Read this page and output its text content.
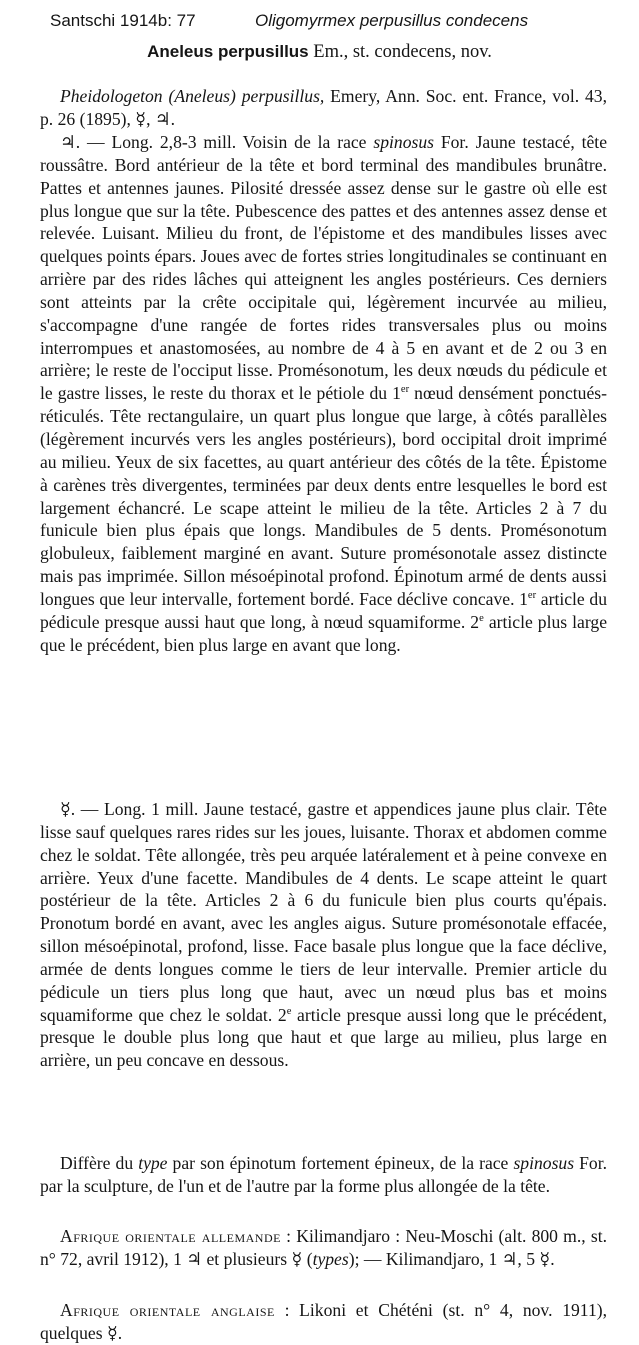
Santschi 1914b: 77	Oligomyrmex perpusillus condecens
Aneleus perpusillus Em., st. condecens, nov.

Pheidologeton (Aneleus) perpusillus, Emery, Ann. Soc. ent. France, vol. 43, p. 26 (1895), ☿, ♃.

♃. — Long. 2,8-3 mill. Voisin de la race spinosus For. Jaune testacé, tête roussâtre. Bord antérieur de la tête et bord terminal des mandibules brunâtre. Pattes et antennes jaunes. Pilosité dressée assez dense sur le gastre où elle est plus longue que sur la tête. Pubescence des pattes et des antennes assez dense et relevée. Luisant. Milieu du front, de l'épistome et des mandibules lisses avec quelques points épars. Joues avec de fortes stries longitudinales se continuant en arrière par des rides lâches qui atteignent les angles postérieurs. Ces derniers sont atteints par la crête occipitale qui, légèrement incurvée au milieu, s'accompagne d'une rangée de fortes rides transversales plus ou moins interrompues et anastomosées, au nombre de 4 à 5 en avant et de 2 ou 3 en arrière; le reste de l'occiput lisse. Promésonotum, les deux nœuds du pédicule et le gastre lisses, le reste du thorax et le pétiole du 1er nœud densément ponctués-réticulés. Tête rectangulaire, un quart plus longue que large, à côtés parallèles (légèrement incurvés vers les angles postérieurs), bord occipital droit imprimé au milieu. Yeux de six facettes, au quart antérieur des côtés de la tête. Épistome à carènes très divergentes, terminées par deux dents entre lesquelles le bord est largement échancré. Le scape atteint le milieu de la tête. Articles 2 à 7 du funicule bien plus épais que longs. Mandibules de 5 dents. Promésonotum globuleux, faiblement marginé en avant. Suture promésonotale assez distincte mais pas imprimée. Sillon mésoépinotal profond. Épinotum armé de dents aussi longues que leur intervalle, fortement bordé. Face déclive concave. 1er article du pédicule presque aussi haut que long, à nœud squamiforme. 2e article plus large que le précédent, bien plus large en avant que long.

☿. — Long. 1 mill. Jaune testacé, gastre et appendices jaune plus clair. Tête lisse sauf quelques rares rides sur les joues, luisante. Thorax et abdomen comme chez le soldat. Tête allongée, très peu arquée latéralement et à peine convexe en arrière. Yeux d'une facette. Mandibules de 4 dents. Le scape atteint le quart postérieur de la tête. Articles 2 à 6 du funicule bien plus courts qu'épais. Pronotum bordé en avant, avec les angles aigus. Suture promésonotale effacée, sillon mésoépinotal, profond, lisse. Face basale plus longue que la face déclive, armée de dents longues comme le tiers de leur intervalle. Premier article du pédicule un tiers plus long que haut, avec un nœud plus bas et moins squamiforme que chez le soldat. 2e article presque aussi long que le précédent, presque le double plus long que haut et que large au milieu, plus large en arrière, un peu concave en dessous.

Diffère du type par son épinotum fortement épineux, de la race spinosus For. par la sculpture, de l'un et de l'autre par la forme plus allongée de la tête.

Afrique orientale allemande : Kilimandjaro : Neu-Moschi (alt. 800 m., st. n° 72, avril 1912), 1 ♃ et plusieurs ☿ (types); — Kilimandjaro, 1 ♃, 5 ☿.

Afrique orientale anglaise : Likoni et Chéténi (st. n° 4, nov. 1911), quelques ☿.
